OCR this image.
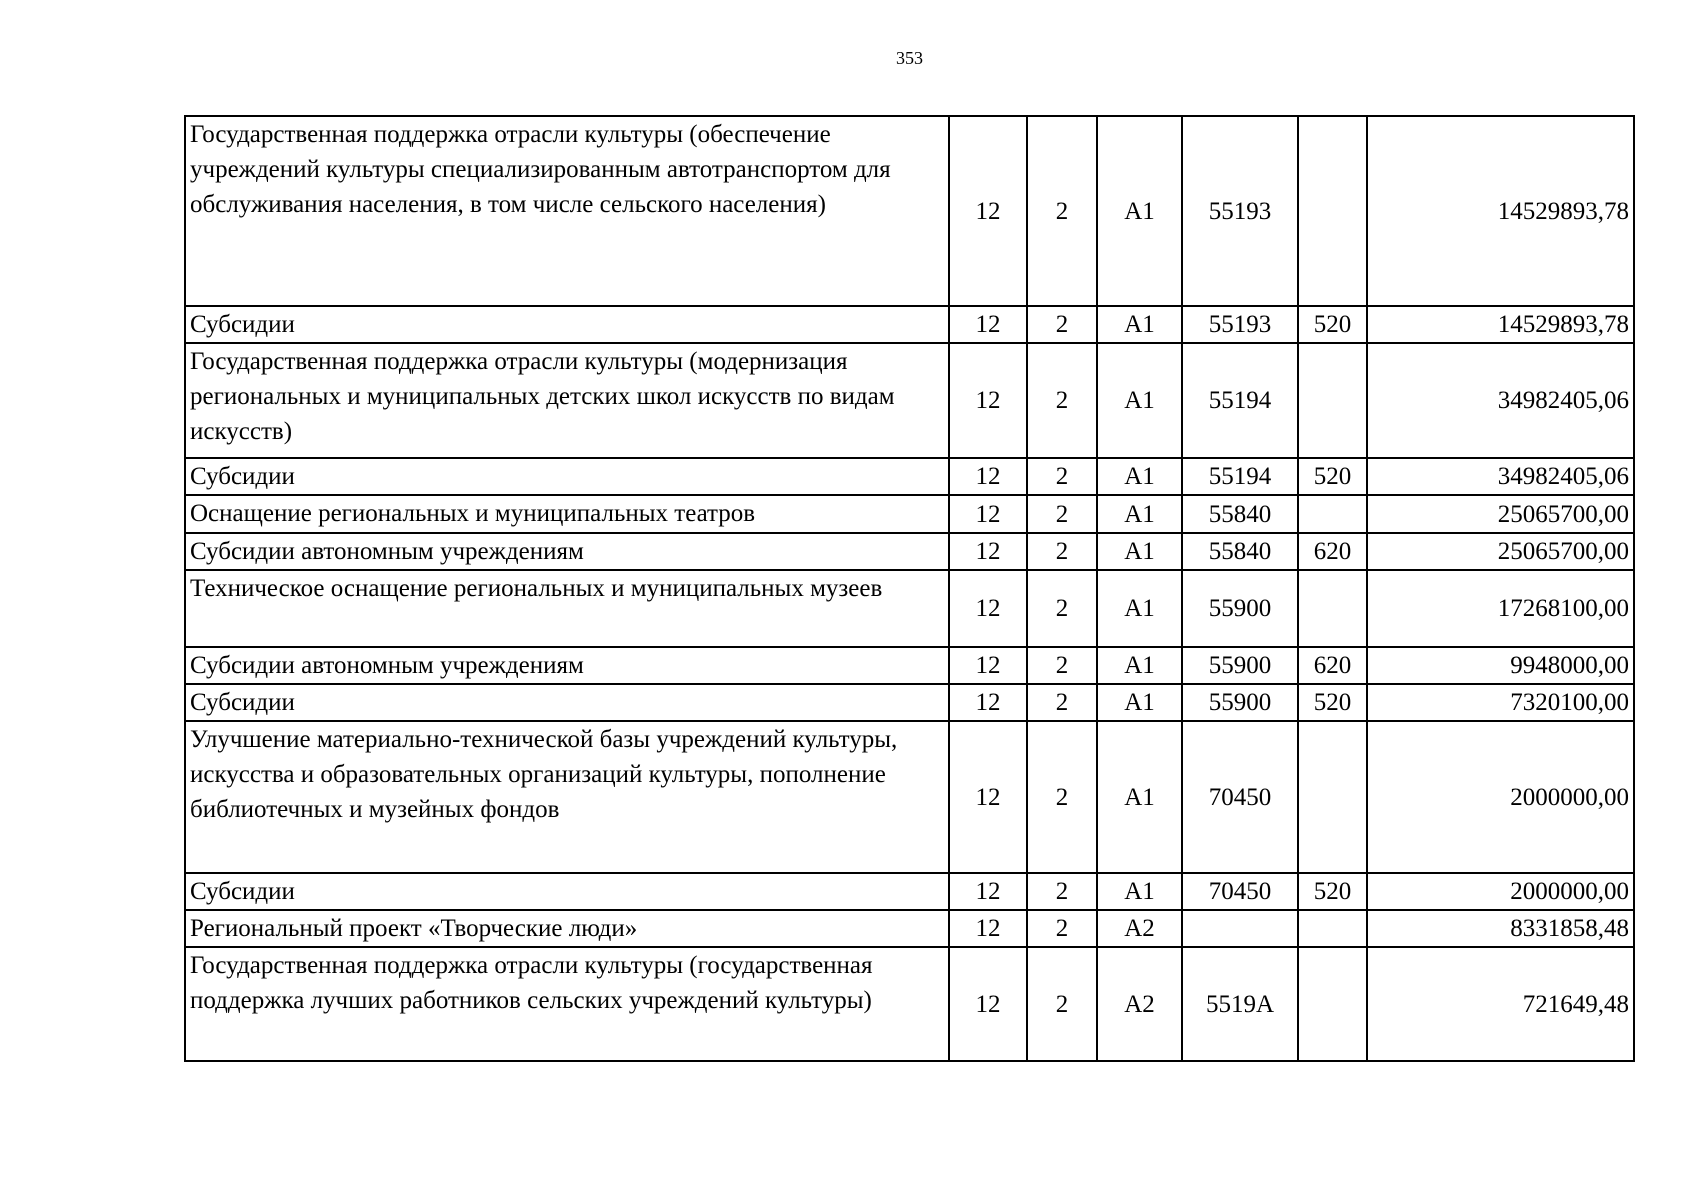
353
Государственная поддержка отрасли культуры (обеспечение учреждений культуры специализированным автотранспортом для обслуживания населения, в том числе сельского населения)	12	2	А1	55193		14529893,78
Субсидии	12	2	А1	55193	520	14529893,78
Государственная поддержка отрасли культуры (модернизация региональных и муниципальных детских школ искусств по видам искусств)	12	2	А1	55194		34982405,06
Субсидии	12	2	А1	55194	520	34982405,06
Оснащение региональных и муниципальных театров	12	2	А1	55840		25065700,00
Субсидии автономным учреждениям	12	2	А1	55840	620	25065700,00
Техническое оснащение региональных и муниципальных музеев	12	2	А1	55900		17268100,00
Субсидии автономным учреждениям	12	2	А1	55900	620	9948000,00
Субсидии	12	2	А1	55900	520	7320100,00
Улучшение материально-технической базы учреждений культуры, искусства и образовательных организаций культуры, пополнение библиотечных и музейных фондов	12	2	А1	70450		2000000,00
Субсидии	12	2	А1	70450	520	2000000,00
Региональный проект «Творческие люди»	12	2	А2			8331858,48
Государственная поддержка отрасли культуры (государственная поддержка лучших работников сельских учреждений культуры)	12	2	А2	5519А		721649,48
